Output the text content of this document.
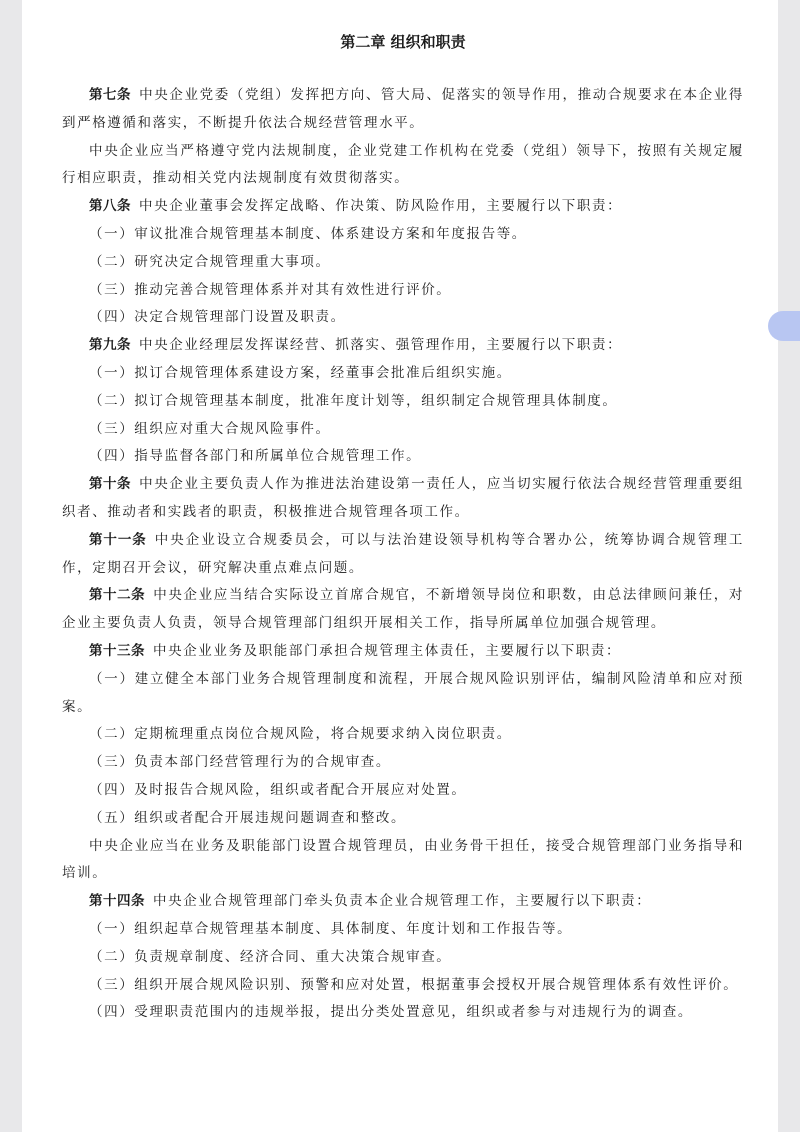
第二章 组织和职责

第七条 中央企业党委（党组）发挥把方向、管大局、促落实的领导作用，推动合规要求在本企业得到严格遵循和落实，不断提升依法合规经营管理水平。

中央企业应当严格遵守党内法规制度，企业党建工作机构在党委（党组）领导下，按照有关规定履行相应职责，推动相关党内法规制度有效贯彻落实。

第八条 中央企业董事会发挥定战略、作决策、防风险作用，主要履行以下职责：

（一）审议批准合规管理基本制度、体系建设方案和年度报告等。

（二）研究决定合规管理重大事项。

（三）推动完善合规管理体系并对其有效性进行评价。

（四）决定合规管理部门设置及职责。

第九条 中央企业经理层发挥谋经营、抓落实、强管理作用，主要履行以下职责：

（一）拟订合规管理体系建设方案，经董事会批准后组织实施。

（二）拟订合规管理基本制度，批准年度计划等，组织制定合规管理具体制度。

（三）组织应对重大合规风险事件。

（四）指导监督各部门和所属单位合规管理工作。

第十条 中央企业主要负责人作为推进法治建设第一责任人，应当切实履行依法合规经营管理重要组织者、推动者和实践者的职责，积极推进合规管理各项工作。

第十一条 中央企业设立合规委员会，可以与法治建设领导机构等合署办公，统筹协调合规管理工作，定期召开会议，研究解决重点难点问题。

第十二条 中央企业应当结合实际设立首席合规官，不新增领导岗位和职数，由总法律顾问兼任，对企业主要负责人负责，领导合规管理部门组织开展相关工作，指导所属单位加强合规管理。

第十三条 中央企业业务及职能部门承担合规管理主体责任，主要履行以下职责：

（一）建立健全本部门业务合规管理制度和流程，开展合规风险识别评估，编制风险清单和应对预案。

（二）定期梳理重点岗位合规风险，将合规要求纳入岗位职责。

（三）负责本部门经营管理行为的合规审查。

（四）及时报告合规风险，组织或者配合开展应对处置。

（五）组织或者配合开展违规问题调查和整改。

中央企业应当在业务及职能部门设置合规管理员，由业务骨干担任，接受合规管理部门业务指导和培训。

第十四条 中央企业合规管理部门牵头负责本企业合规管理工作，主要履行以下职责：

（一）组织起草合规管理基本制度、具体制度、年度计划和工作报告等。

（二）负责规章制度、经济合同、重大决策合规审查。

（三）组织开展合规风险识别、预警和应对处置，根据董事会授权开展合规管理体系有效性评价。

（四）受理职责范围内的违规举报，提出分类处置意见，组织或者参与对违规行为的调查。
